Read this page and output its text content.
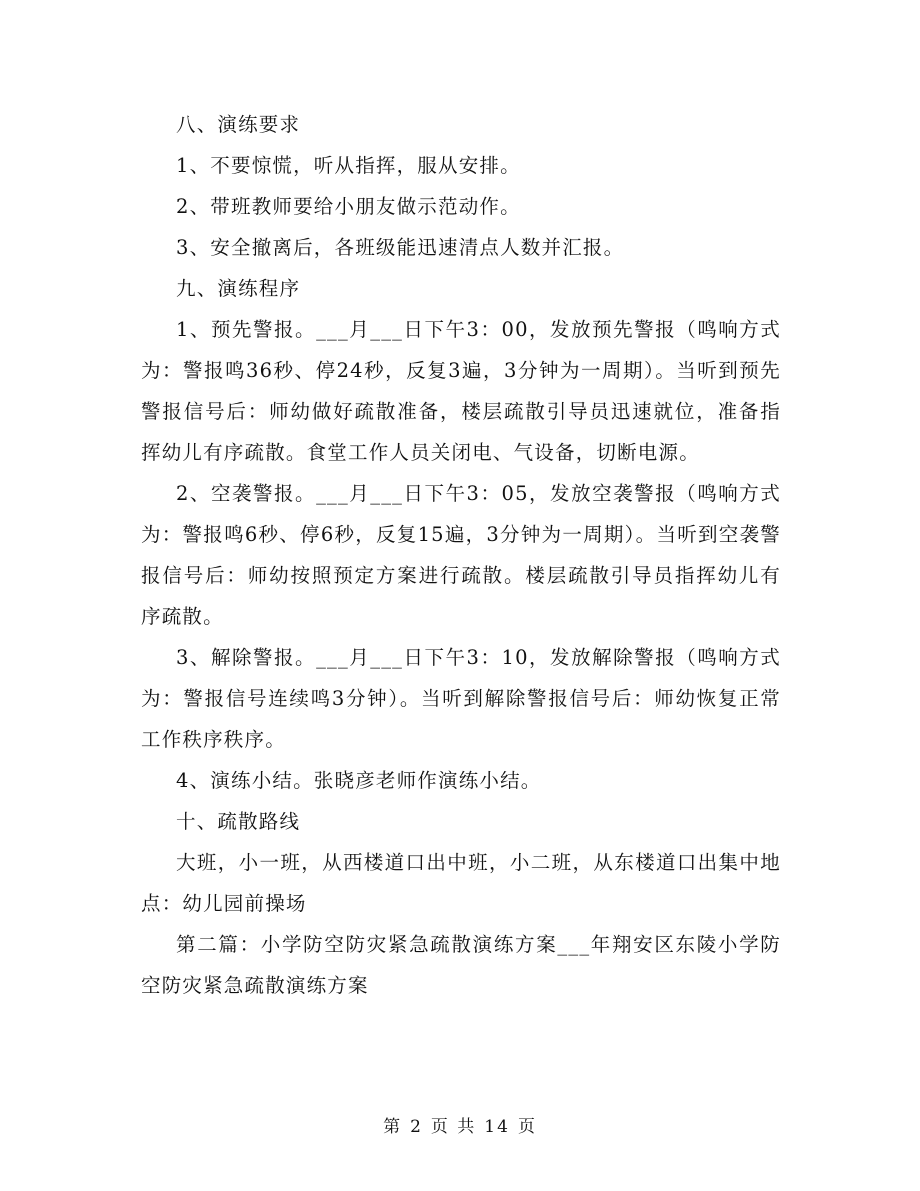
八、演练要求

1、不要惊慌，听从指挥，服从安排。

2、带班教师要给小朋友做示范动作。

3、安全撤离后，各班级能迅速清点人数并汇报。

九、演练程序

1、预先警报。___月___日下午3：00，发放预先警报（鸣响方式为：警报鸣36秒、停24秒，反复3遍，3分钟为一周期）。当听到预先警报信号后：师幼做好疏散准备，楼层疏散引导员迅速就位，准备指挥幼儿有序疏散。食堂工作人员关闭电、气设备，切断电源。

2、空袭警报。___月___日下午3：05，发放空袭警报（鸣响方式为：警报鸣6秒、停6秒，反复15遍，3分钟为一周期）。当听到空袭警报信号后：师幼按照预定方案进行疏散。楼层疏散引导员指挥幼儿有序疏散。

3、解除警报。___月___日下午3：10，发放解除警报（鸣响方式为：警报信号连续鸣3分钟）。当听到解除警报信号后：师幼恢复正常工作秩序秩序。

4、演练小结。张晓彦老师作演练小结。

十、疏散路线

大班，小一班，从西楼道口出中班，小二班，从东楼道口出集中地点：幼儿园前操场

第二篇：小学防空防灾紧急疏散演练方案___年翔安区东陵小学防空防灾紧急疏散演练方案

第 2 页 共 14 页
